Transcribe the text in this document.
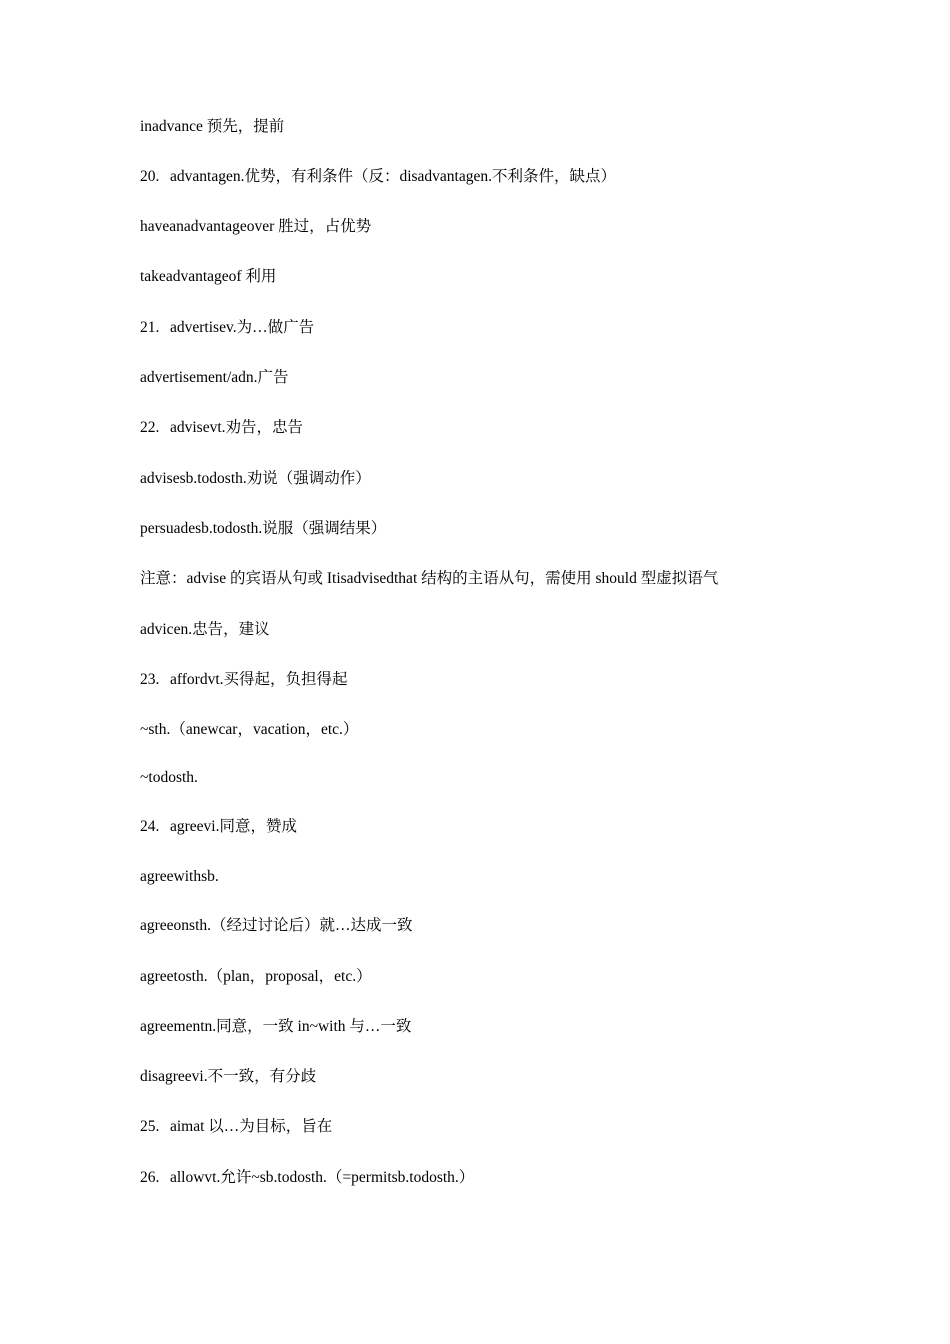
inadvance 预先，提前
20. advantagen.优势，有利条件（反：disadvantagen.不利条件，缺点）
haveanadvantageover 胜过，占优势
takeadvantageof 利用
21. advertisev.为…做广告
advertisement/adn.广告
22. advisevt.劝告，忠告
advisesb.todosth.劝说（强调动作）
persuadesb.todosth.说服（强调结果）
注意：advise 的宾语从句或 Itisadvisedthat 结构的主语从句，需使用 should 型虚拟语气
advicen.忠告，建议
23. affordvt.买得起，负担得起
~sth.（anewcar，vacation，etc.）
~todosth.
24. agreevi.同意，赞成
agreewithsb.
agreeonsth.（经过讨论后）就…达成一致
agreetosth.（plan，proposal，etc.）
agreementn.同意，一致 in~with 与…一致
disagreevi.不一致，有分歧
25. aimat 以…为目标，旨在
26. allowvt.允许~sb.todosth.（=permitsb.todosth.）
